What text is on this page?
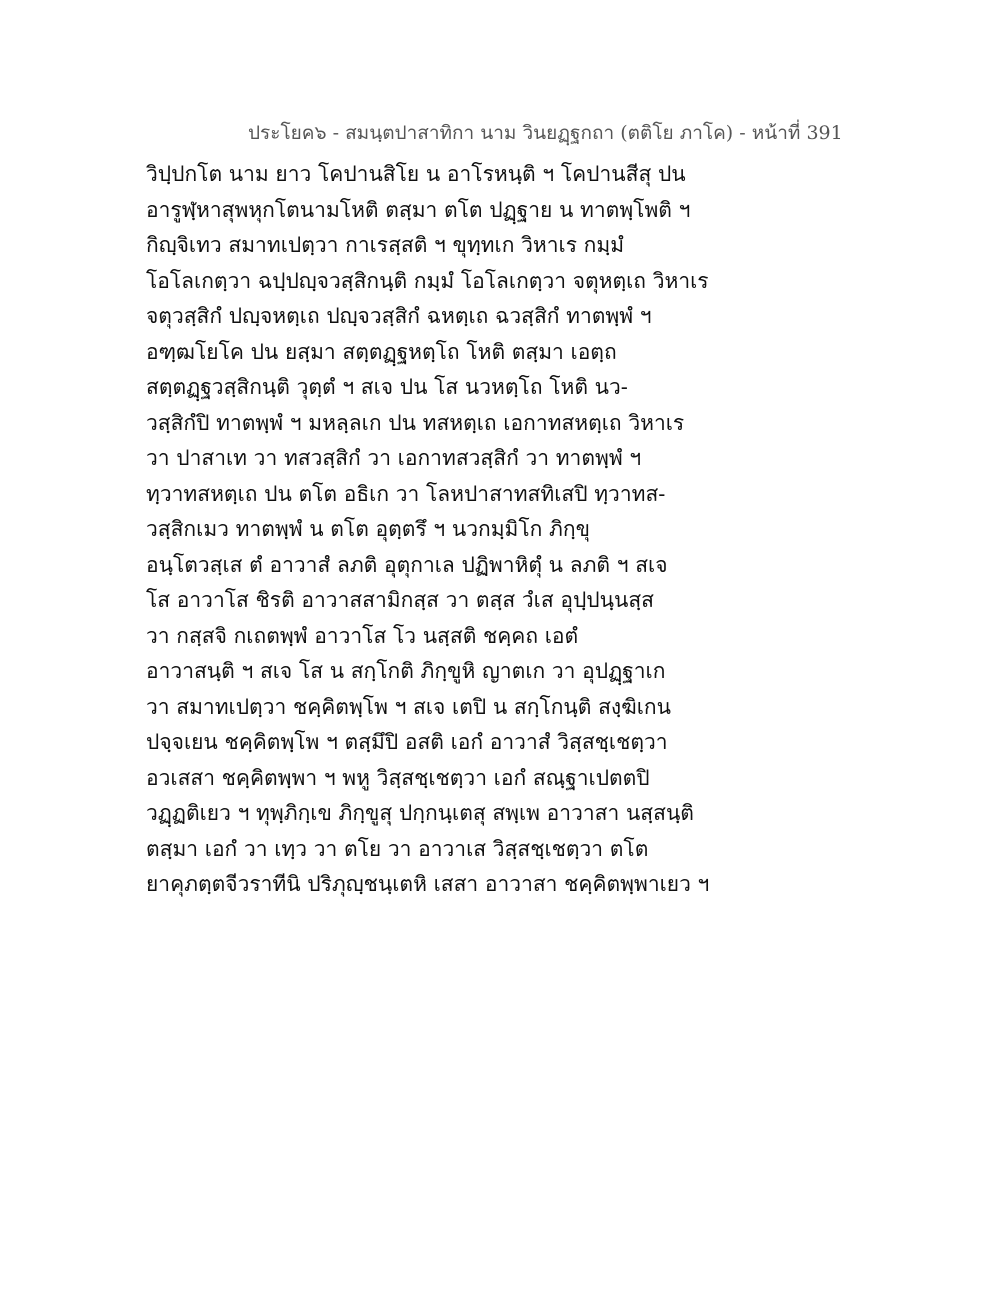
ประโยค๖ - สมนฺตปาสาทิกา นาม วินยฏฺฐกถา (ตติโย ภาโค) - หน้าที่ 391
วิปฺปกโต นาม ยาว โคปานสิโย น อาโรหนฺติ ฯ โคปานสีสุ ปน
อารูฬฺหาสุพหุกโตนามโหติ ตสฺมา ตโต ปฏฺฐาย น ทาตพฺโพติ ฯ
กิญฺจิเทว สมาทเปตฺวา กาเรสฺสติ ฯ ขุทฺทเก วิหาเร กมฺมํ
โอโลเกตฺวา ฉปฺปญฺจวสฺสิกนฺติ กมฺมํ โอโลเกตฺวา จตุหตฺเถ วิหาเร
จตุวสฺสิกํ ปญฺจหตฺเถ ปญฺจวสฺสิกํ ฉหตฺเถ ฉวสฺสิกํ ทาตพฺพํ ฯ
อฑฺฒโยโค ปน ยสฺมา สตฺตฏฺฐหตฺโถ โหติ ตสฺมา เอตฺถ
สตฺตฏฺฐวสฺสิกนฺติ วุตฺตํ ฯ สเจ ปน โส นวหตฺโถ โหติ นว-
วสฺสิกํปิ ทาตพฺพํ ฯ มหลฺลเก ปน ทสหตฺเถ เอกาทสหตฺเถ วิหาเร
วา ปาสาเท วา ทสวสฺสิกํ วา เอกาทสวสฺสิกํ วา ทาตพฺพํ ฯ
ทฺวาทสหตฺเถ ปน ตโต อธิเก วา โลหปาสาทสทิเสปิ ทฺวาทส-
วสฺสิกเมว ทาตพฺพํ น ตโต อุตฺตรึ ฯ นวกมฺมิโก ภิกฺขุ
อนฺโตวสฺเส ตํ อาวาสํ ลภติ อุตุกาเล ปฏิพาหิตุํ น ลภติ ฯ สเจ
โส อาวาโส ชิรติ อาวาสสามิกสฺส วา ตสฺส วํเส อุปฺปนฺนสฺส
วา กสฺสจิ กเถตพฺพํ อาวาโส โว นสฺสติ ชคฺคถ เอตํ
อาวาสนฺติ ฯ สเจ โส น สกฺโกติ ภิกฺขูหิ ญาตเก วา อุปฏฺฐาเก
วา สมาทเปตฺวา ชคฺคิตพฺโพ ฯ สเจ เตปิ น สกฺโกนฺติ สงฺฆิเกน
ปจฺจเยน ชคฺคิตพฺโพ ฯ ตสฺมึปิ อสติ เอกํ อาวาสํ วิสฺสชฺเชตฺวา
อวเสสา ชคฺคิตพฺพา ฯ พหู วิสฺสชฺเชตฺวา เอกํ สณฺฐาเปตตปิ
วฏฺฏติเยว ฯ ทุพฺภิกฺเข ภิกฺขูสุ ปกฺกนฺเตสุ สพฺเพ อาวาสา นสฺสนฺติ
ตสฺมา เอกํ วา เทฺว วา ตโย วา อาวาเส วิสฺสชฺเชตฺวา ตโต
ยาคุภตฺตจีวราทีนิ ปริภุญฺชนฺเตหิ เสสา อาวาสา ชคฺคิตพฺพาเยว ฯ
